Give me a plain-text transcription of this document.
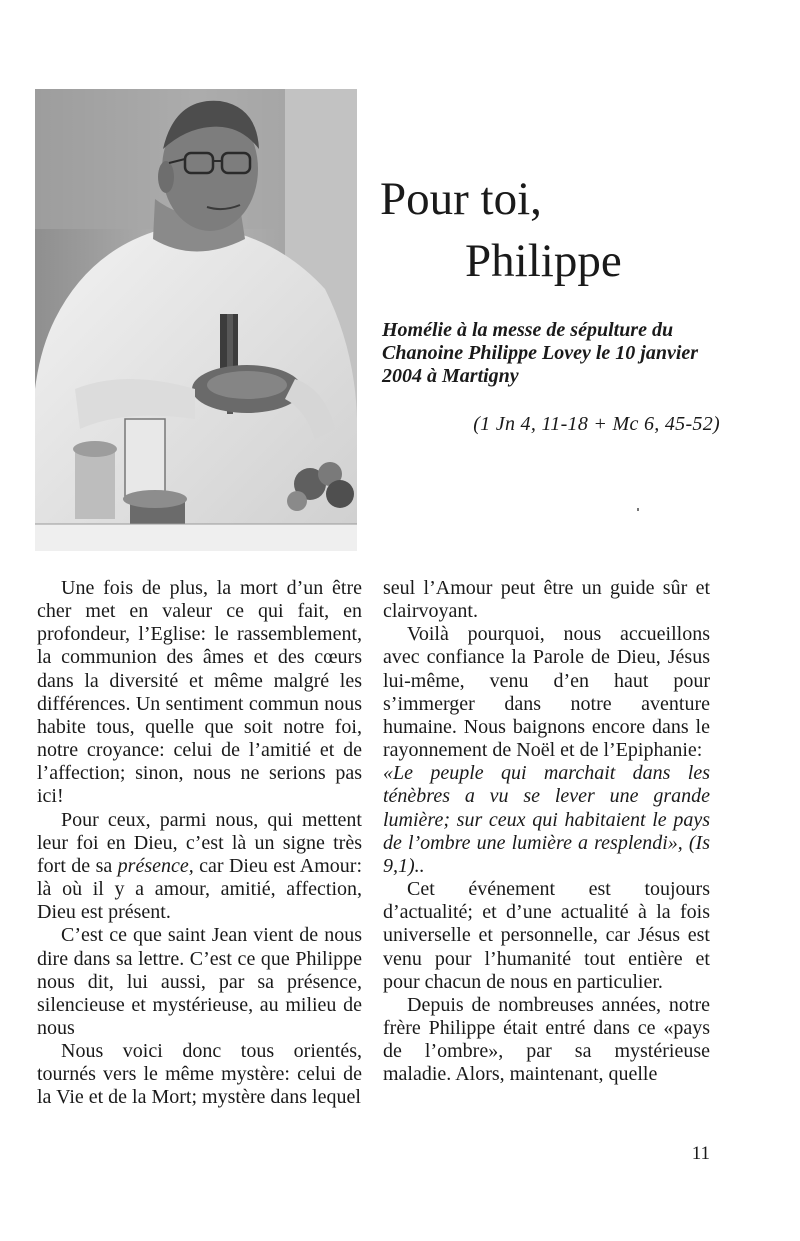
Pour toi,
Philippe

Homélie à la messe de sépulture du Chanoine Philippe Lovey le 10 janvier 2004 à Martigny

(1 Jn 4, 11-18 + Mc 6, 45-52)

Une fois de plus, la mort d’un être cher met en valeur ce qui fait, en profondeur, l’Eglise: le rassemblement, la communion des âmes et des cœurs dans la diversité et même malgré les différences. Un sentiment commun nous habite tous, quelle que soit notre foi, notre croyance: celui de l’amitié et de l’affection; sinon, nous ne serions pas ici!

Pour ceux, parmi nous, qui mettent leur foi en Dieu, c’est là un signe très fort de sa présence, car Dieu est Amour: là où il y a amour, amitié, affection, Dieu est présent.

C’est ce que saint Jean vient de nous dire dans sa lettre. C’est ce que Philippe nous dit, lui aussi, par sa présence, silencieuse et mystérieuse, au milieu de nous

Nous voici donc tous orientés, tournés vers le même mystère: celui de la Vie et de la Mort; mystère dans lequel

seul l’Amour peut être un guide sûr et clairvoyant.

Voilà pourquoi, nous accueillons avec confiance la Parole de Dieu, Jésus lui-même, venu d’en haut pour s’immerger dans notre aventure humaine. Nous baignons encore dans le rayonnement de Noël et de l’Epiphanie:

«Le peuple qui marchait dans les ténèbres a vu se lever une grande lumière; sur ceux qui habitaient le pays de l’ombre une lumière a resplendi», (Is 9,1)..

Cet événement est toujours d’actualité; et d’une actualité à la fois universelle et personnelle, car Jésus est venu pour l’humanité tout entière et pour chacun de nous en particulier.

Depuis de nombreuses années, notre frère Philippe était entré dans ce «pays de l’ombre», par sa mystérieuse maladie. Alors, maintenant, quelle

11
